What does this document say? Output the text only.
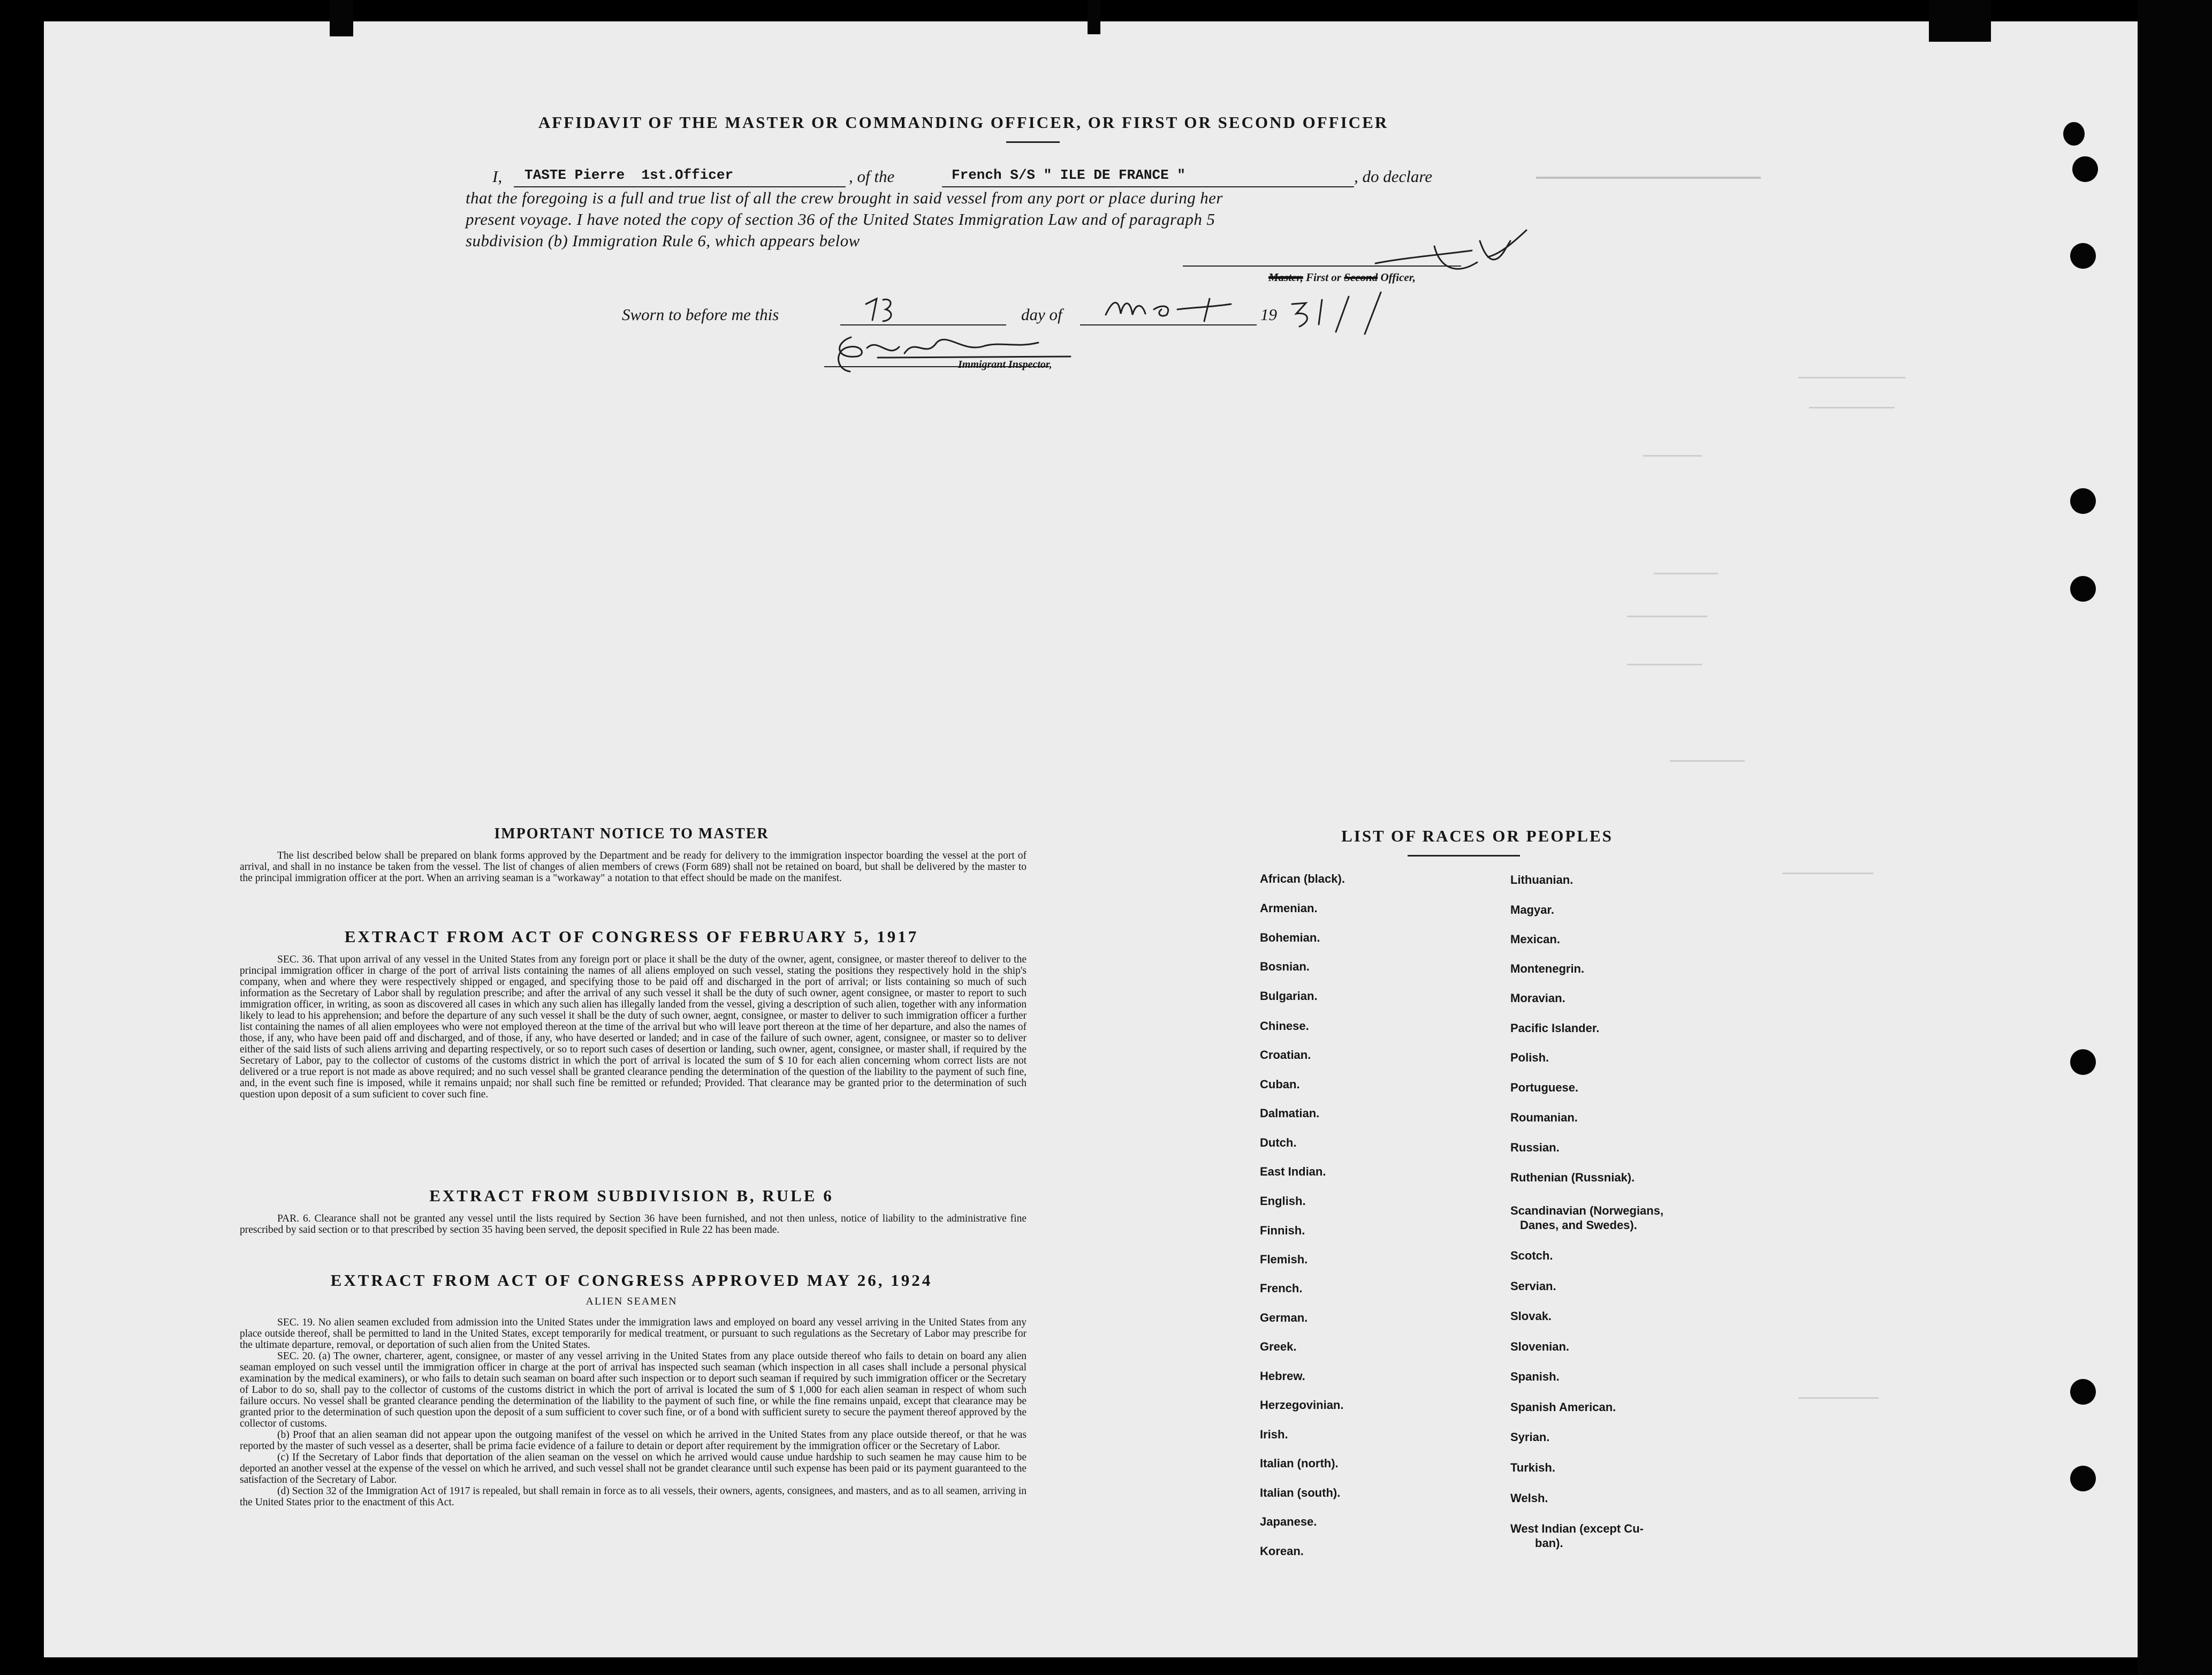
AFFIDAVIT OF THE MASTER OR COMMANDING OFFICER, OR FIRST OR SECOND OFFICER
I, TASTE Pierre  1st.Officer	, of the	French S/S " ILE DE FRANCE "	, do declare
that the foregoing is a full and true list of all the crew brought in said vessel from any port or place during her
present voyage. I have noted the copy of section 36 of the United States Immigration Law and of paragraph 5
subdivision (b) Immigration Rule 6, which appears below
Master, First or Second Officer,
Sworn to before me this	day of	19
Immigrant Inspector,
IMPORTANT NOTICE TO MASTER

The list described below shall be prepared on blank forms approved by the Department and be ready for delivery to the immigration inspector boarding the vessel at the port of arrival, and shall in no instance be taken from the vessel. The list of changes of alien members of crews (Form 689) shall not be retained on board, but shall be delivered by the master to the principal immigration officer at the port. When an arriving seaman is a "workaway" a notation to that effect should be made on the manifest.

EXTRACT FROM ACT OF CONGRESS OF FEBRUARY 5, 1917

SEC. 36. That upon arrival of any vessel in the United States from any foreign port or place it shall be the duty of the owner, agent, consignee, or master thereof to deliver to the principal immigration officer in charge of the port of arrival lists containing the names of all aliens employed on such vessel, stating the positions they respectively hold in the ship's company, when and where they were respectively shipped or engaged, and specifying those to be paid off and discharged in the port of arrival; or lists containing so much of such information as the Secretary of Labor shall by regulation prescribe; and after the arrival of any such vessel it shall be the duty of such owner, agent consignee, or master to report to such immigration officer, in writing, as soon as discovered all cases in which any such alien has illegally landed from the vessel, giving a description of such alien, together with any information likely to lead to his apprehension; and before the departure of any such vessel it shall be the duty of such owner, aegnt, consignee, or master to deliver to such immigration officer a further list containing the names of all alien employees who were not employed thereon at the time of the arrival but who will leave port thereon at the time of her departure, and also the names of those, if any, who have been paid off and discharged, and of those, if any, who have deserted or landed; and in case of the failure of such owner, agent, consignee, or master so to deliver either of the said lists of such aliens arriving and departing respectively, or so to report such cases of desertion or landing, such owner, agent, consignee, or master shall, if required by the Secretary of Labor, pay to the collector of customs of the customs district in which the port of arrival is located the sum of $ 10 for each alien concerning whom correct lists are not delivered or a true report is not made as above required; and no such vessel shall be granted clearance pending the determination of the question of the liability to the payment of such fine, and, in the event such fine is imposed, while it remains unpaid; nor shall such fine be remitted or refunded; Provided. That clearance may be granted prior to the determination of such question upon deposit of a sum suficient to cover such fine.

EXTRACT FROM SUBDIVISION B, RULE 6

PAR. 6. Clearance shall not be granted any vessel until the lists required by Section 36 have been furnished, and not then unless, notice of liability to the administrative fine prescribed by said section or to that prescribed by section 35 having been served, the deposit specified in Rule 22 has been made.

EXTRACT FROM ACT OF CONGRESS APPROVED MAY 26, 1924
ALIEN SEAMEN

SEC. 19. No alien seamen excluded from admission into the United States under the immigration laws and employed on board any vessel arriving in the United States from any place outside thereof, shall be permitted to land in the United States, except temporarily for medical treatment, or pursuant to such regulations as the Secretary of Labor may prescribe for the ultimate departure, removal, or deportation of such alien from the United States.

SEC. 20. (a) The owner, charterer, agent, consignee, or master of any vessel arriving in the United States from any place outside thereof who fails to detain on board any alien seaman employed on such vessel until the immigration officer in charge at the port of arrival has inspected such seaman (which inspection in all cases shall include a personal physical examination by the medical examiners), or who fails to detain such seaman on board after such inspection or to deport such seaman if required by such immigration officer or the Secretary of Labor to do so, shall pay to the collector of customs of the customs district in which the port of arrival is located the sum of $ 1,000 for each alien seaman in respect of whom such failure occurs. No vessel shall be granted clearance pending the determination of the liability to the payment of such fine, or while the fine remains unpaid, except that clearance may be granted prior to the determination of such question upon the deposit of a sum sufficient to cover such fine, or of a bond with sufficient surety to secure the payment thereof approved by the collector of customs.

(b) Proof that an alien seaman did not appear upon the outgoing manifest of the vessel on which he arrived in the United States from any place outside thereof, or that he was reported by the master of such vessel as a deserter, shall be prima facie evidence of a failure to detain or deport after requirement by the immigration officer or the Secretary of Labor.

(c) If the Secretary of Labor finds that deportation of the alien seaman on the vessel on which he arrived would cause undue hardship to such seamen he may cause him to be deported an another vessel at the expense of the vessel on which he arrived, and such vessel shall not be grandet clearance until such expense has been paid or its payment guaranteed to the satisfaction of the Secretary of Labor.

(d) Section 32 of the Immigration Act of 1917 is repealed, but shall remain in force as to ali vessels, their owners, agents, consignees, and masters, and as to all seamen, arriving in the United States prior to the enactment of this Act.

LIST OF RACES OR PEOPLES
African (black).
Armenian.
Bohemian.
Bosnian.
Bulgarian.
Chinese.
Croatian.
Cuban.
Dalmatian.
Dutch.
East Indian.
English.
Finnish.
Flemish.
French.
German.
Greek.
Hebrew.
Herzegovinian.
Irish.
Italian (north).
Italian (south).
Japanese.
Korean.
Lithuanian.
Magyar.
Mexican.
Montenegrin.
Moravian.
Pacific Islander.
Polish.
Portuguese.
Roumanian.
Russian.
Ruthenian (Russniak).
Scandinavian (Norwegians,
Danes, and Swedes).
Scotch.
Servian.
Slovak.
Slovenian.
Spanish.
Spanish American.
Syrian.
Turkish.
Welsh.
West Indian (except Cu-
ban).
